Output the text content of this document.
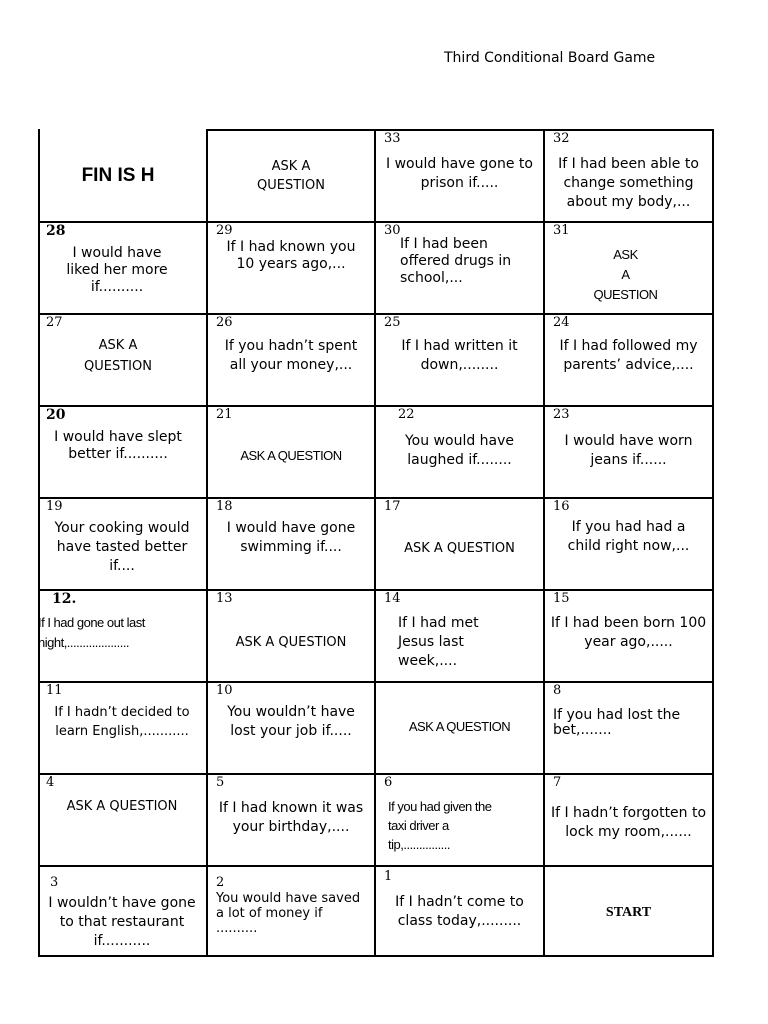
Third Conditional Board Game
FIN IS H	ASK A
QUESTION
33
I would have gone to
prison if.....
32
If I had been able to
change something
about my body,...
28
I would have
liked her more
if..........
29
If I had known you
10 years ago,...
30
If I had been
offered drugs in
school,...
31
ASK
A
QUESTION
27
ASK A
QUESTION
26
If you hadn’t spent
all your money,...
25
If I had written it
down,........
24
If I had followed my
parents’ advice,....
20
I would have slept
better if..........
21
ASK A QUESTION
22
You would have
laughed if........
23
I would have worn
jeans if......
19
Your cooking would
have tasted better
if....
18
I would have gone
swimming if....
17
ASK A QUESTION
16
If you had had a
child right now,...
12.
If I had gone out last
night,....................
13
ASK A QUESTION
14
If I had met
Jesus last
week,....
15
If I had been born 100
year ago,.....
11
If I hadn’t decided to
learn English,...........
10
You wouldn’t have
lost your job if.....	ASK A QUESTION
8
If you had lost the
bet,.......
4
ASK A QUESTION
5
If I had known it was
your birthday,....
6
If you had given the
taxi driver a
tip,...............
7
If I hadn’t forgotten to
lock my room,......
3
I wouldn’t have gone
to that restaurant
if...........
2
You would have saved
a lot of money if
..........
1
If I hadn’t come to
class today,.........
START
